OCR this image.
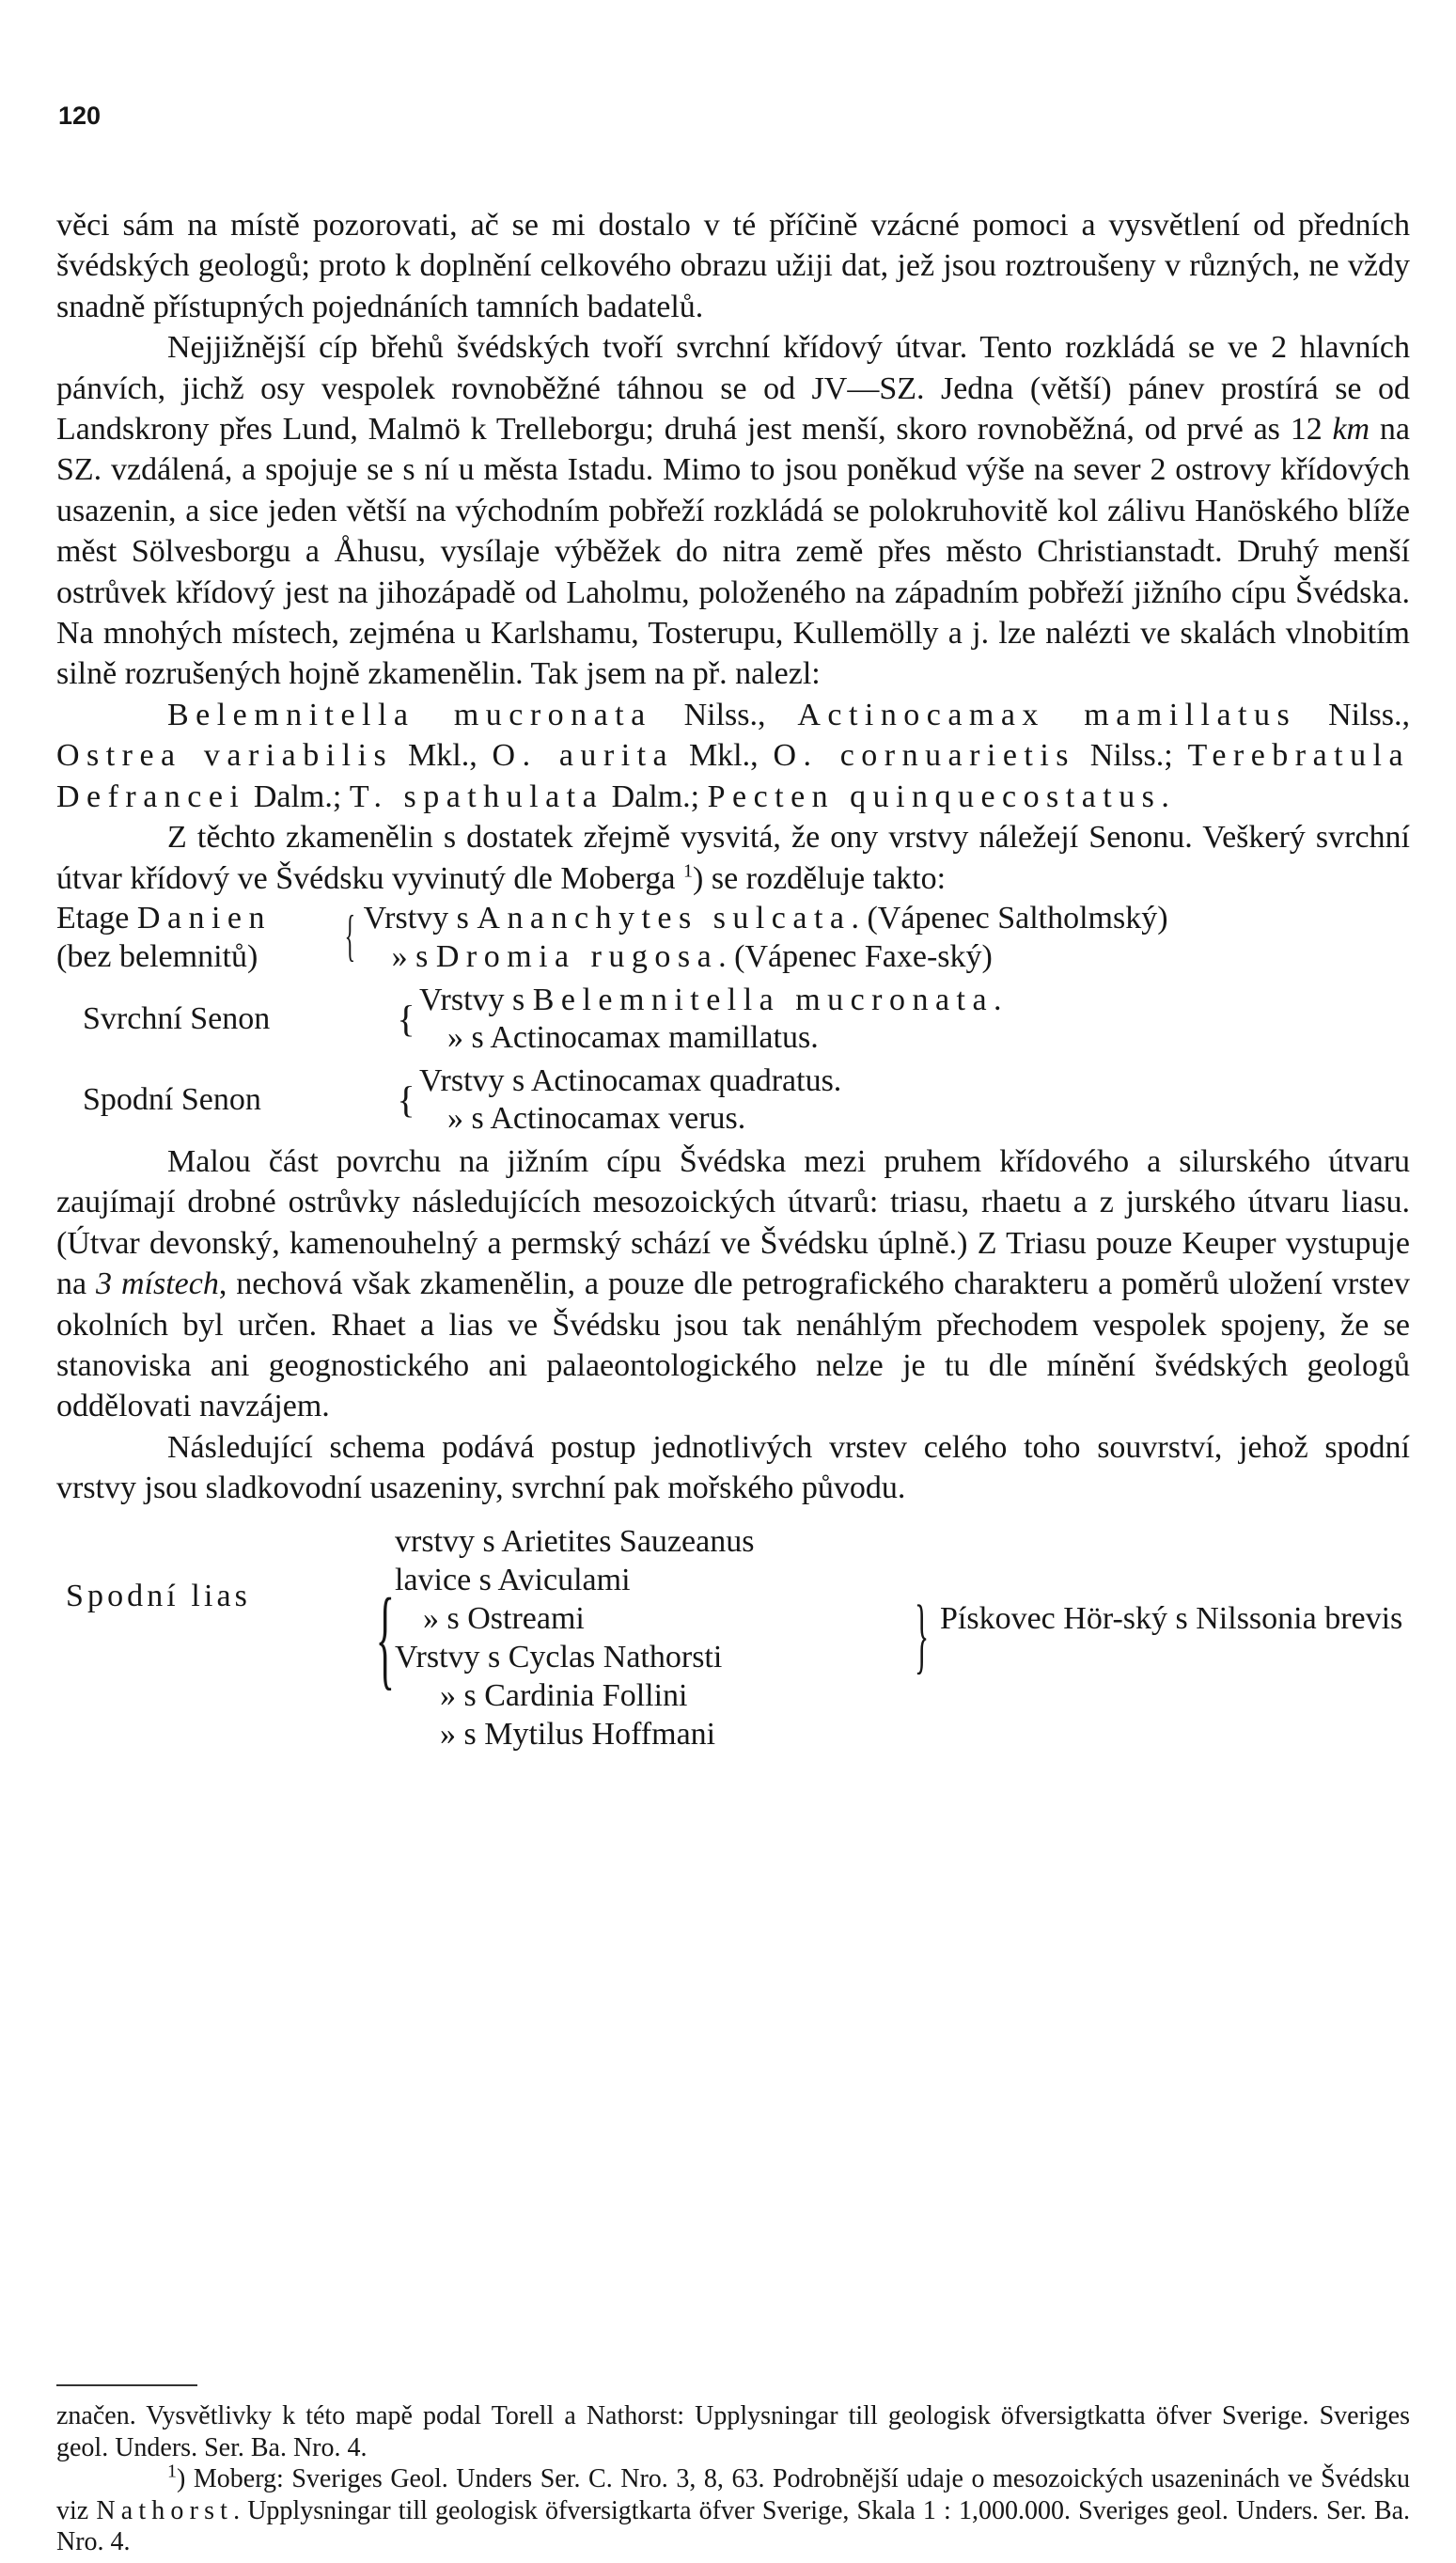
120

věci sám na místě pozorovati, ač se mi dostalo v té příčině vzácné pomoci a vysvětlení od předních švédských geologů; proto k doplnění celkového obrazu užiji dat, jež jsou roztroušeny v různých, ne vždy snadně přístupných pojednáních tamních badatelů.

Nejjižnější cíp břehů švédských tvoří svrchní křídový útvar. Tento rozkládá se ve 2 hlavních pánvích, jichž osy vespolek rovnoběžné táhnou se od JV—SZ. Jedna (větší) pánev prostírá se od Landskrony přes Lund, Malmö k Trelleborgu; druhá jest menší, skoro rovnoběžná, od prvé as 12 km na SZ. vzdálená, a spojuje se s ní u města Istadu. Mimo to jsou poněkud výše na sever 2 ostrovy křídových usazenin, a sice jeden větší na východním pobřeží rozkládá se polokruhovitě kol zálivu Hanöského blíže měst Sölvesborgu a Åhusu, vysílaje výběžek do nitra země přes město Christianstadt. Druhý menší ostrůvek křídový jest na jihozápadě od Laholmu, položeného na západním pobřeží jižního cípu Švédska. Na mnohých místech, zejména u Karlshamu, Tosterupu, Kullemölly a j. lze nalézti ve skalách vlnobitím silně rozrušených hojně zkamenělin. Tak jsem na př. nalezl:

Belemnitella mucronata Nilss., Actinocamax mamillatus Nilss., Ostrea variabilis Mkl., O. aurita Mkl., O. cornuarietis Nilss.; Terebratula Defrancei Dalm.; T. spathulata Dalm.; Pecten quinquecostatus.

Z těchto zkamenělin s dostatek zřejmě vysvitá, že ony vrstvy náležejí Senonu. Veškerý svrchní útvar křídový ve Švédsku vyvinutý dle Moberga $^1$) se rozděluje takto:

Etage Danien	{	Vrstvy s Ananchytes sulcata. (Vápenec Saltholmský)
(bez belemnitů)		» s Dromia rugosa. (Vápenec Faxe-ský)
Svrchní Senon	{ Vrstvy s Belemnitella mucronata.
» s Actinocamax mamillatus.
Spodní Senon	{ Vrstvy s Actinocamax quadratus.
» s Actinocamax verus.

Malou část povrchu na jižním cípu Švédska mezi pruhem křídového a silurského útvaru zaujímají drobné ostrůvky následujících mesozoických útvarů: triasu, rhaetu a z jurského útvaru liasu. (Útvar devonský, kamenouhelný a permský schází ve Švédsku úplně.) Z Triasu pouze Keuper vystupuje na 3 místech, nechová však zkamenělin, a pouze dle petrografického charakteru a poměrů uložení vrstev okolních byl určen. Rhaet a lias ve Švédsku jsou tak nenáhlým přechodem vespolek spojeny, že se stanoviska ani geognostického ani palaeontologického nelze je tu dle mínění švédských geologů oddělovati navzájem.

Následující schema podává postup jednotlivých vrstev celého toho souvrství, jehož spodní vrstvy jsou sladkovodní usazeniny, svrchní pak mořského původu.

Spodní lias	{
vrstvy s Arietites Sauzeanus
lavice s Aviculami
» s Ostreami
Vrstvy s Cyclas Nathorsti
» s Cardinia Follini
» s Mytilus Hoffmani
} Pískovec Hör-ský s Nilssonia brevis

značen. Vysvětlivky k této mapě podal Torell a Nathorst: Upplysningar till geologisk öfversigtkatta öfver Sverige. Sveriges geol. Unders. Ser. Ba. Nro. 4.

$^1$) Moberg: Sveriges Geol. Unders Ser. C. Nro. 3, 8, 63. Podrobnější udaje o mesozoických usazeninách ve Švédsku viz Nathorst. Upplysningar till geologisk öfversigtkarta öfver Sverige, Skala 1 : 1,000.000. Sveriges geol. Unders. Ser. Ba. Nro. 4.
